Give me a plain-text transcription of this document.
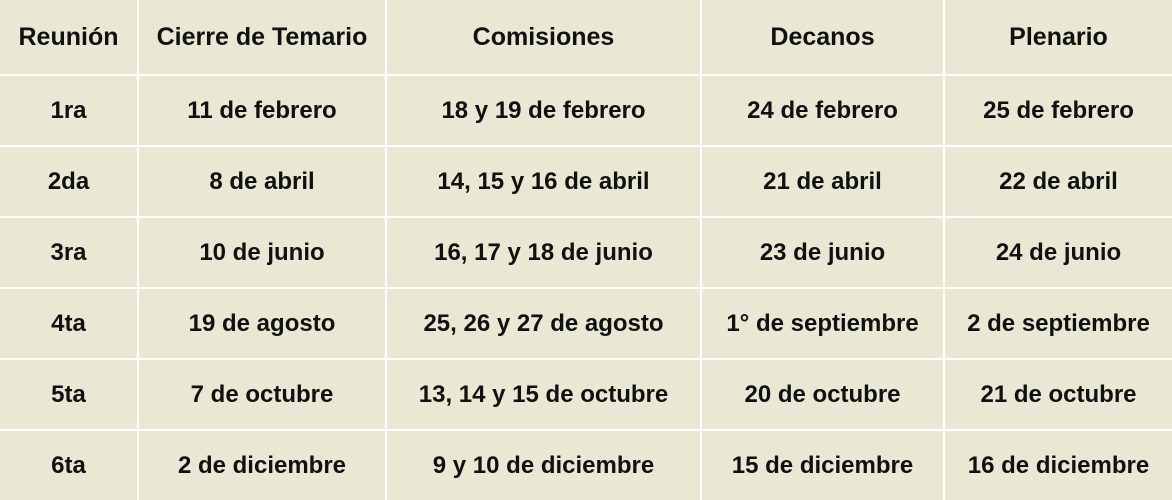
Reunión	Cierre de Temario	Comisiones	Decanos	Plenario
1ra	11 de febrero	18 y 19 de febrero	24 de febrero	25 de febrero
2da	8 de abril	14, 15 y 16 de abril	21 de abril	22 de abril
3ra	10 de junio	16, 17 y 18 de junio	23 de junio	24 de junio
4ta	19 de agosto	25, 26 y 27 de agosto	1° de septiembre	2 de septiembre
5ta	7 de octubre	13, 14 y 15 de octubre	20 de octubre	21 de octubre
6ta	2 de diciembre	9 y 10 de diciembre	15 de diciembre	16 de diciembre
